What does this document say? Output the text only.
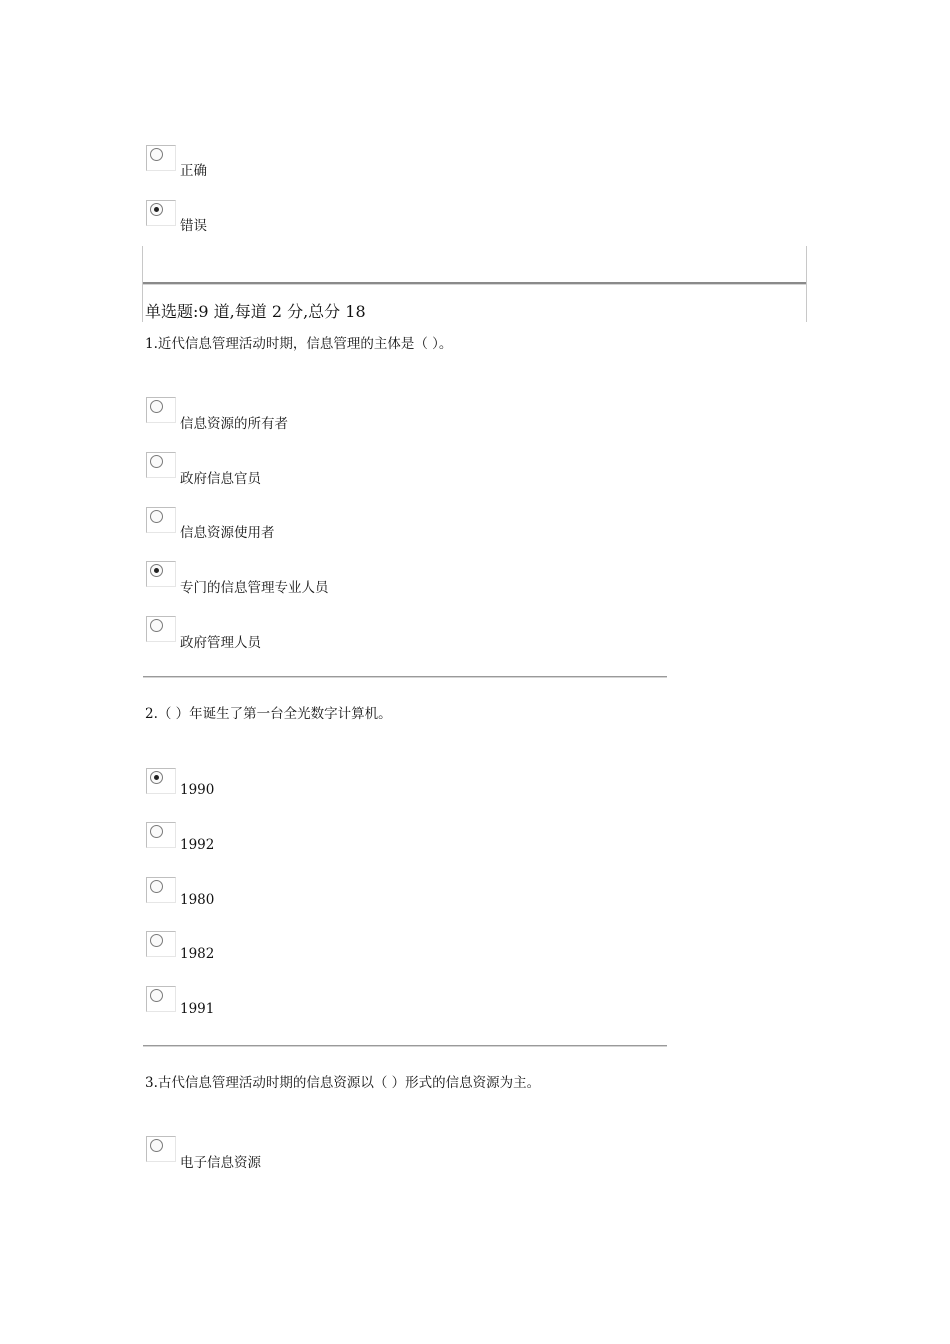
正确
错误
单选题:9 道,每道 2 分,总分 18
1.近代信息管理活动时期，信息管理的主体是（ ）。
信息资源的所有者
政府信息官员
信息资源使用者
专门的信息管理专业人员
政府管理人员
2.（ ）年诞生了第一台全光数字计算机。
1990
1992
1980
1982
1991
3.古代信息管理活动时期的信息资源以（ ）形式的信息资源为主。
电子信息资源
